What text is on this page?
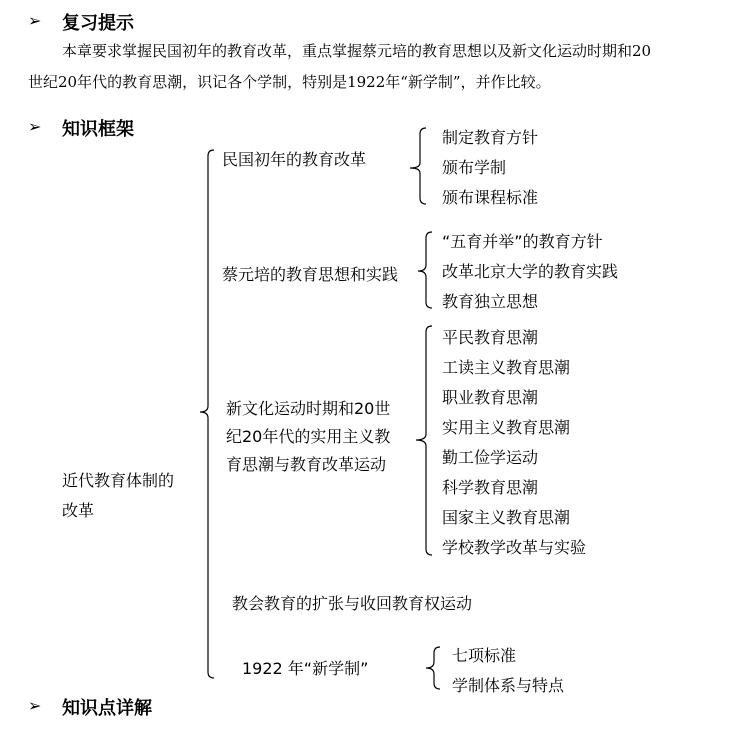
➢ 复习提示
本章要求掌握民国初年的教育改革，重点掌握蔡元培的教育思想以及新文化运动时期和20
世纪20年代的教育思潮，识记各个学制，特别是1922年“新学制”，并作比较。
➢ 知识框架
近代教育体制的
改革
民国初年的教育改革
制定教育方针
颁布学制
颁布课程标准
蔡元培的教育思想和实践
“五育并举”的教育方针
改革北京大学的教育实践
教育独立思想
新文化运动时期和20世
纪20年代的实用主义教
育思潮与教育改革运动
平民教育思潮
工读主义教育思潮
职业教育思潮
实用主义教育思潮
勤工俭学运动
科学教育思潮
国家主义教育思潮
学校教学改革与实验
教会教育的扩张与收回教育权运动
1922 年“新学制”
七项标准
学制体系与特点
➢ 知识点详解
